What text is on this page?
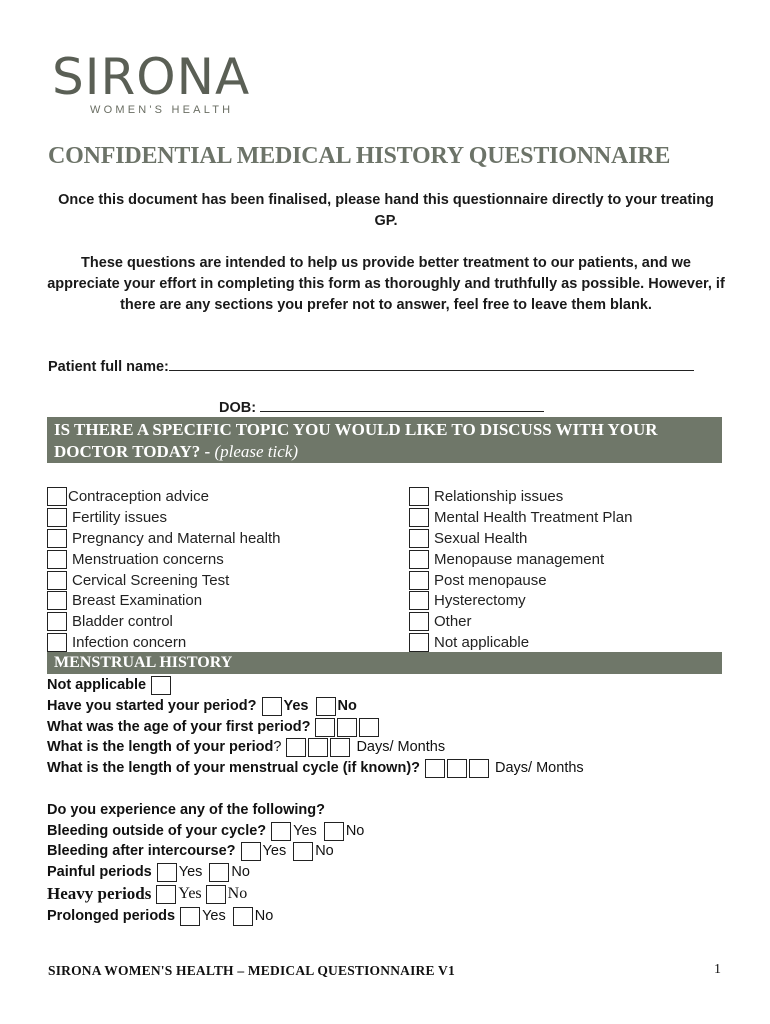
SIRONA
WOMEN'S HEALTH
CONFIDENTIAL MEDICAL HISTORY QUESTIONNAIRE
Once this document has been finalised, please hand this questionnaire directly to your treating GP.
These questions are intended to help us provide better treatment to our patients, and we appreciate your effort in completing this form as thoroughly and truthfully as possible. However, if there are any sections you prefer not to answer, feel free to leave them blank.
Patient full name:
DOB:
IS THERE A SPECIFIC TOPIC YOU WOULD LIKE TO DISCUSS WITH YOUR DOCTOR TODAY? - (please tick)
Contraception advice
Fertility issues
Pregnancy and Maternal health
Menstruation concerns
Cervical Screening Test
Breast Examination
Bladder control
Infection concern
Relationship issues
Mental Health Treatment Plan
Sexual Health
Menopause management
Post menopause
Hysterectomy
Other
Not applicable
MENSTRUAL HISTORY
Not applicable
Have you started your period? Yes No
What was the age of your first period?
What is the length of your period ?	Days/ Months
What is the length of your menstrual cycle (if known)?	Days/ Months
Do you experience any of the following?
Bleeding outside of your cycle? Yes No
Bleeding after intercourse? Yes No
Painful periods Yes No
Heavy periods Yes No
Prolonged periods Yes No
SIRONA WOMEN'S HEALTH – MEDICAL QUESTIONNAIRE V1	1
